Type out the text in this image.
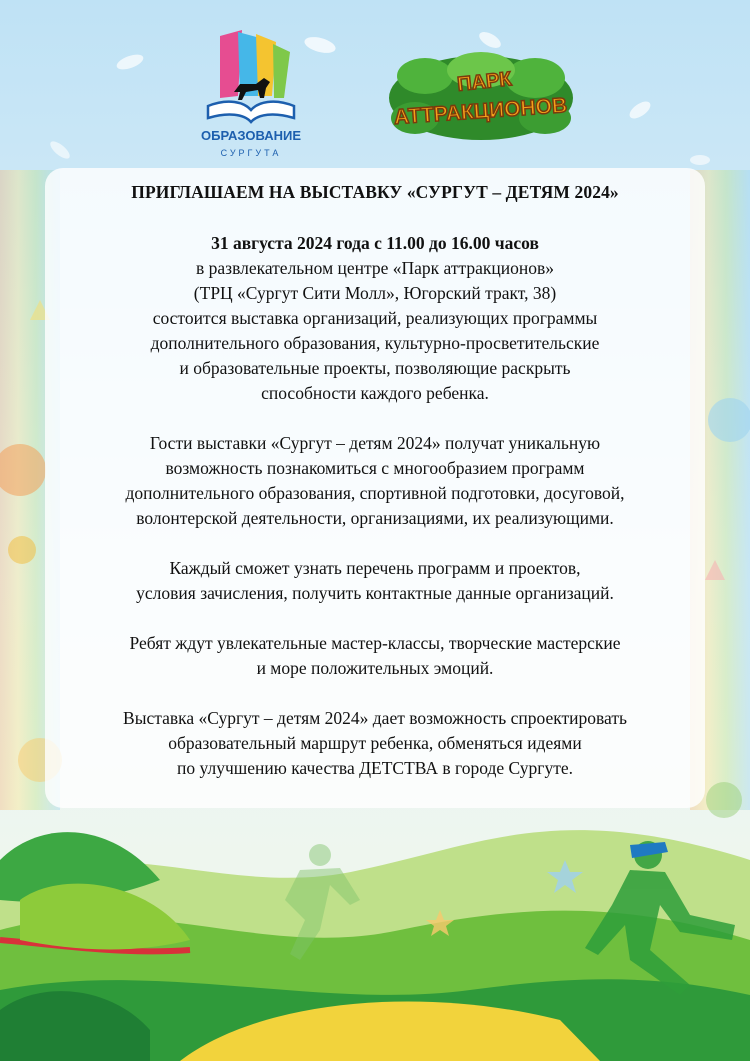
ОБРАЗОВАНИЕ
СУРГУТА
ПАРК
АТТРАКЦИОНОВ
ПРИГЛАШАЕМ НА ВЫСТАВКУ «СУРГУТ – ДЕТЯМ 2024»
31 августа 2024 года с 11.00 до 16.00 часов
в развлекательном центре «Парк аттракционов»
(ТРЦ «Сургут Сити Молл», Югорский тракт, 38)
состоится выставка организаций, реализующих программы
дополнительного образования, культурно-просветительские
и образовательные проекты, позволяющие раскрыть
способности каждого ребенка.
Гости выставки «Сургут – детям 2024» получат уникальную
возможность познакомиться с многообразием программ
дополнительного образования, спортивной подготовки, досуговой,
волонтерской деятельности, организациями, их реализующими.
Каждый сможет узнать перечень программ и проектов,
условия зачисления, получить контактные данные организаций.
Ребят ждут увлекательные мастер-классы, творческие мастерские
и море положительных эмоций.
Выставка «Сургут – детям 2024» дает возможность спроектировать
образовательный маршрут ребенка, обменяться идеями
по улучшению качества ДЕТСТВА в городе Сургуте.
